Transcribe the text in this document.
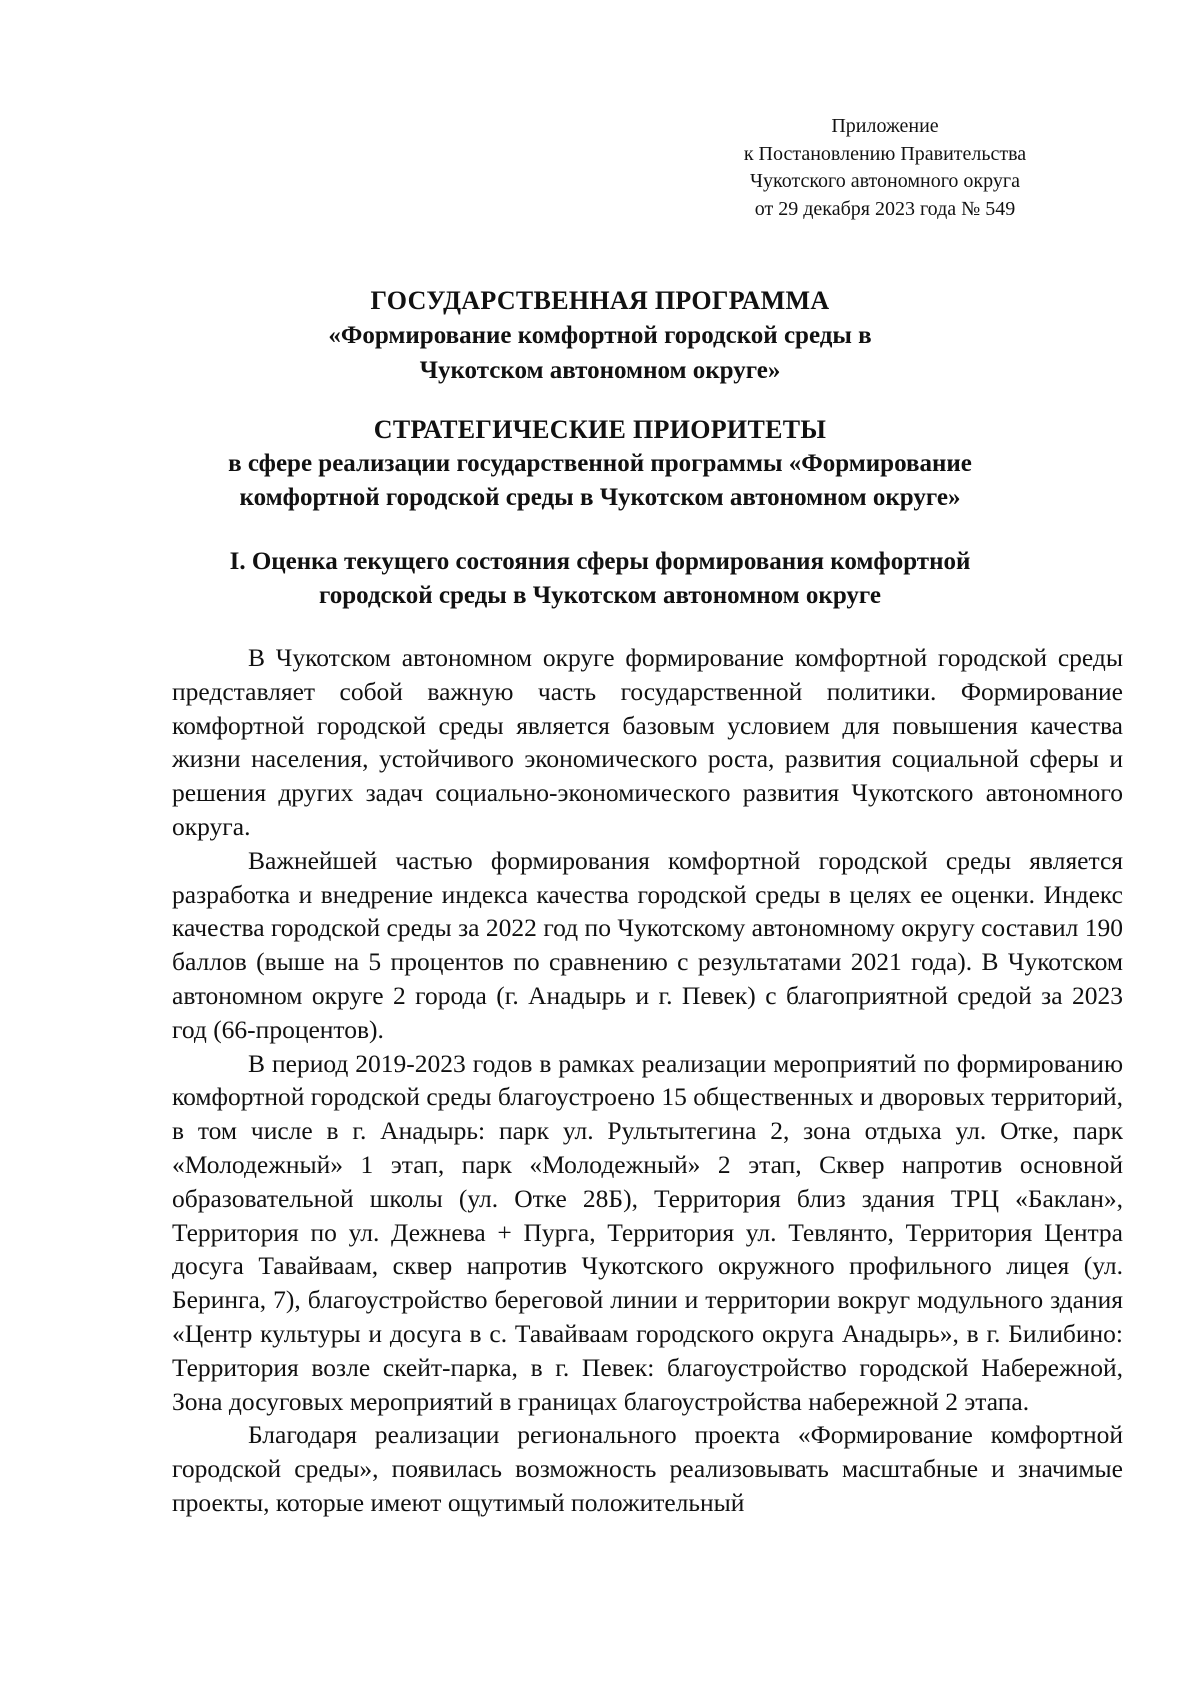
Приложение
к Постановлению Правительства
Чукотского автономного округа
от 29 декабря 2023 года № 549
ГОСУДАРСТВЕННАЯ ПРОГРАММА
«Формирование комфортной городской среды в
Чукотском автономном округе»
СТРАТЕГИЧЕСКИЕ ПРИОРИТЕТЫ
в сфере реализации государственной программы «Формирование
комфортной городской среды в Чукотском автономном округе»
I. Оценка текущего состояния сферы формирования комфортной
городской среды в Чукотском автономном округе

В Чукотском автономном округе формирование комфортной городской среды представляет собой важную часть государственной политики. Формирование комфортной городской среды является базовым условием для повышения качества жизни населения, устойчивого экономического роста, развития социальной сферы и решения других задач социально-экономического развития Чукотского автономного округа.

Важнейшей частью формирования комфортной городской среды является разработка и внедрение индекса качества городской среды в целях ее оценки. Индекс качества городской среды за 2022 год по Чукотскому автономному округу составил 190 баллов (выше на 5 процентов по сравнению с результатами 2021 года). В Чукотском автономном округе 2 города (г. Анадырь и г. Певек) с благоприятной средой за 2023 год (66-процентов).

В период 2019-2023 годов в рамках реализации мероприятий по формированию комфортной городской среды благоустроено 15 общественных и дворовых территорий, в том числе в г. Анадырь: парк ул. Рультытегина 2, зона отдыха ул. Отке, парк «Молодежный» 1 этап, парк «Молодежный» 2 этап, Сквер напротив основной образовательной школы (ул. Отке 28Б), Территория близ здания ТРЦ «Баклан», Территория по ул. Дежнева + Пурга, Территория ул. Тевлянто, Территория Центра досуга Тавайваам, сквер напротив Чукотского окружного профильного лицея (ул. Беринга, 7), благоустройство береговой линии и территории вокруг модульного здания «Центр культуры и досуга в с. Тавайваам городского округа Анадырь», в г. Билибино: Территория возле скейт-парка, в г. Певек: благоустройство городской Набережной, Зона досуговых мероприятий в границах благоустройства набережной 2 этапа.

Благодаря реализации регионального проекта «Формирование комфортной городской среды», появилась возможность реализовывать масштабные и значимые проекты, которые имеют ощутимый положительный
